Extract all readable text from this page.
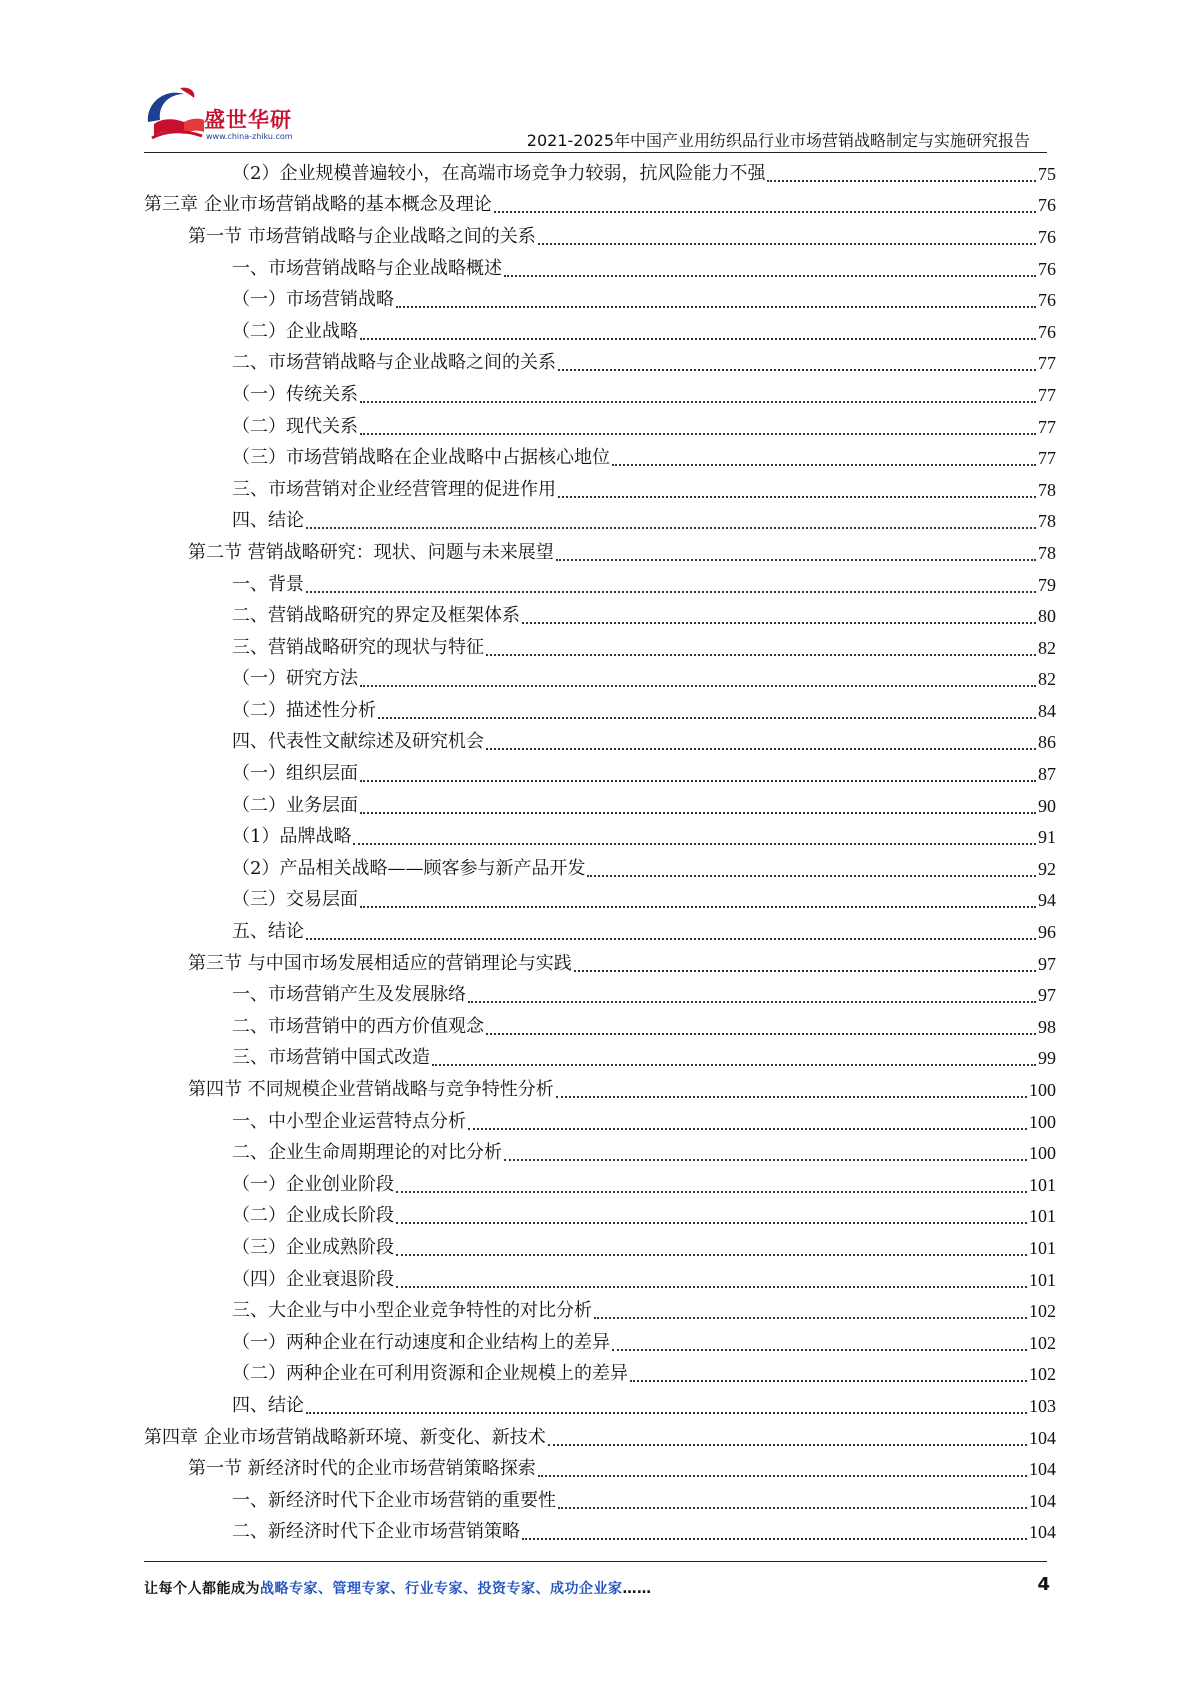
盛世华研
www.china-zhiku.com	2021-2025年中国产业用纺织品行业市场营销战略制定与实施研究报告
（2）企业规模普遍较小，在高端市场竞争力较弱，抗风险能力不强	75
第三章 企业市场营销战略的基本概念及理论	76
第一节 市场营销战略与企业战略之间的关系	76
一、市场营销战略与企业战略概述	76
（一）市场营销战略	76
（二）企业战略	76
二、市场营销战略与企业战略之间的关系	77
（一）传统关系	77
（二）现代关系	77
（三）市场营销战略在企业战略中占据核心地位	77
三、市场营销对企业经营管理的促进作用	78
四、结论	78
第二节 营销战略研究：现状、问题与未来展望	78
一、背景	79
二、营销战略研究的界定及框架体系	80
三、营销战略研究的现状与特征	82
（一）研究方法	82
（二）描述性分析	84
四、代表性文献综述及研究机会	86
（一）组织层面	87
（二）业务层面	90
（1）品牌战略	91
（2）产品相关战略——顾客参与新产品开发	92
（三）交易层面	94
五、结论	96
第三节 与中国市场发展相适应的营销理论与实践	97
一、市场营销产生及发展脉络	97
二、市场营销中的西方价值观念	98
三、市场营销中国式改造	99
第四节 不同规模企业营销战略与竞争特性分析	100
一、中小型企业运营特点分析	100
二、企业生命周期理论的对比分析	100
（一）企业创业阶段	101
（二）企业成长阶段	101
（三）企业成熟阶段	101
（四）企业衰退阶段	101
三、大企业与中小型企业竞争特性的对比分析	102
（一）两种企业在行动速度和企业结构上的差异	102
（二）两种企业在可利用资源和企业规模上的差异	102
四、结论	103
第四章 企业市场营销战略新环境、新变化、新技术	104
第一节 新经济时代的企业市场营销策略探索	104
一、新经济时代下企业市场营销的重要性	104
二、新经济时代下企业市场营销策略	104
让每个人都能成为战略专家、管理专家、行业专家、投资专家、成功企业家……	4
